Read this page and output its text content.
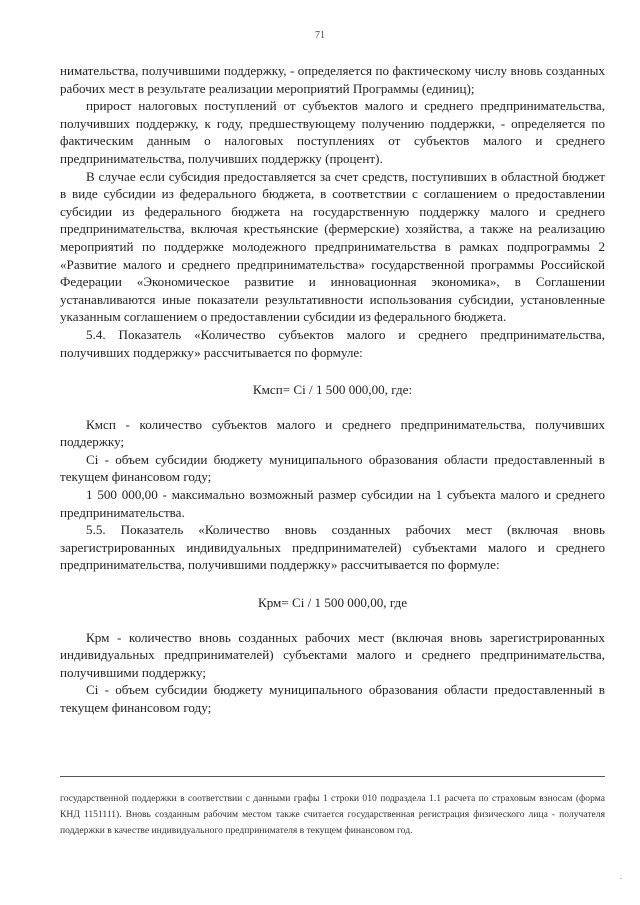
71

нимательства, получившими поддержку, - определяется по фактическому числу вновь созданных рабочих мест в результате реализации мероприятий Программы (единиц);

прирост налоговых поступлений от субъектов малого и среднего предпринимательства, получивших поддержку, к году, предшествующему получению поддержки, - определяется по фактическим данным о налоговых поступлениях от субъектов малого и среднего предпринимательства, получивших поддержку (процент).

В случае если субсидия предоставляется за счет средств, поступивших в областной бюджет в виде субсидии из федерального бюджета, в соответствии с соглашением о предоставлении субсидии из федерального бюджета на государственную поддержку малого и среднего предпринимательства, включая крестьянские (фермерские) хозяйства, а также на реализацию мероприятий по поддержке молодежного предпринимательства в рамках подпрограммы 2 «Развитие малого и среднего предпринимательства» государственной программы Российской Федерации «Экономическое развитие и инновационная экономика», в Соглашении устанавливаются иные показатели результативности использования субсидии, установленные указанным соглашением о предоставлении субсидии из федерального бюджета.

5.4. Показатель «Количество субъектов малого и среднего предпринимательства, получивших поддержку» рассчитывается по формуле:

Кмсп= Сi / 1 500 000,00, где:

Кмсп - количество субъектов малого и среднего предпринимательства, получивших поддержку;

Сi - объем субсидии бюджету муниципального образования области предоставленный в текущем финансовом году;

1 500 000,00 - максимально возможный размер субсидии на 1 субъекта малого и среднего предпринимательства.

5.5. Показатель «Количество вновь созданных рабочих мест (включая вновь зарегистрированных индивидуальных предпринимателей) субъектами малого и среднего предпринимательства, получившими поддержку» рассчитывается по формуле:

Крм= Сi / 1 500 000,00, где

Крм - количество вновь созданных рабочих мест (включая вновь зарегистрированных индивидуальных предпринимателей) субъектами малого и среднего предпринимательства, получившими поддержку;

Сi - объем субсидии бюджету муниципального образования области предоставленный в текущем финансовом году;

государственной поддержки в соответствии с данными графы 1 строки 010 подраздела 1.1 расчета по страховым взносам (форма КНД 1151111). Вновь созданным рабочим местом также считается государственная регистрация физического лица - получателя поддержки в качестве индивидуального предпринимателя в текущем финансовом год.
.
